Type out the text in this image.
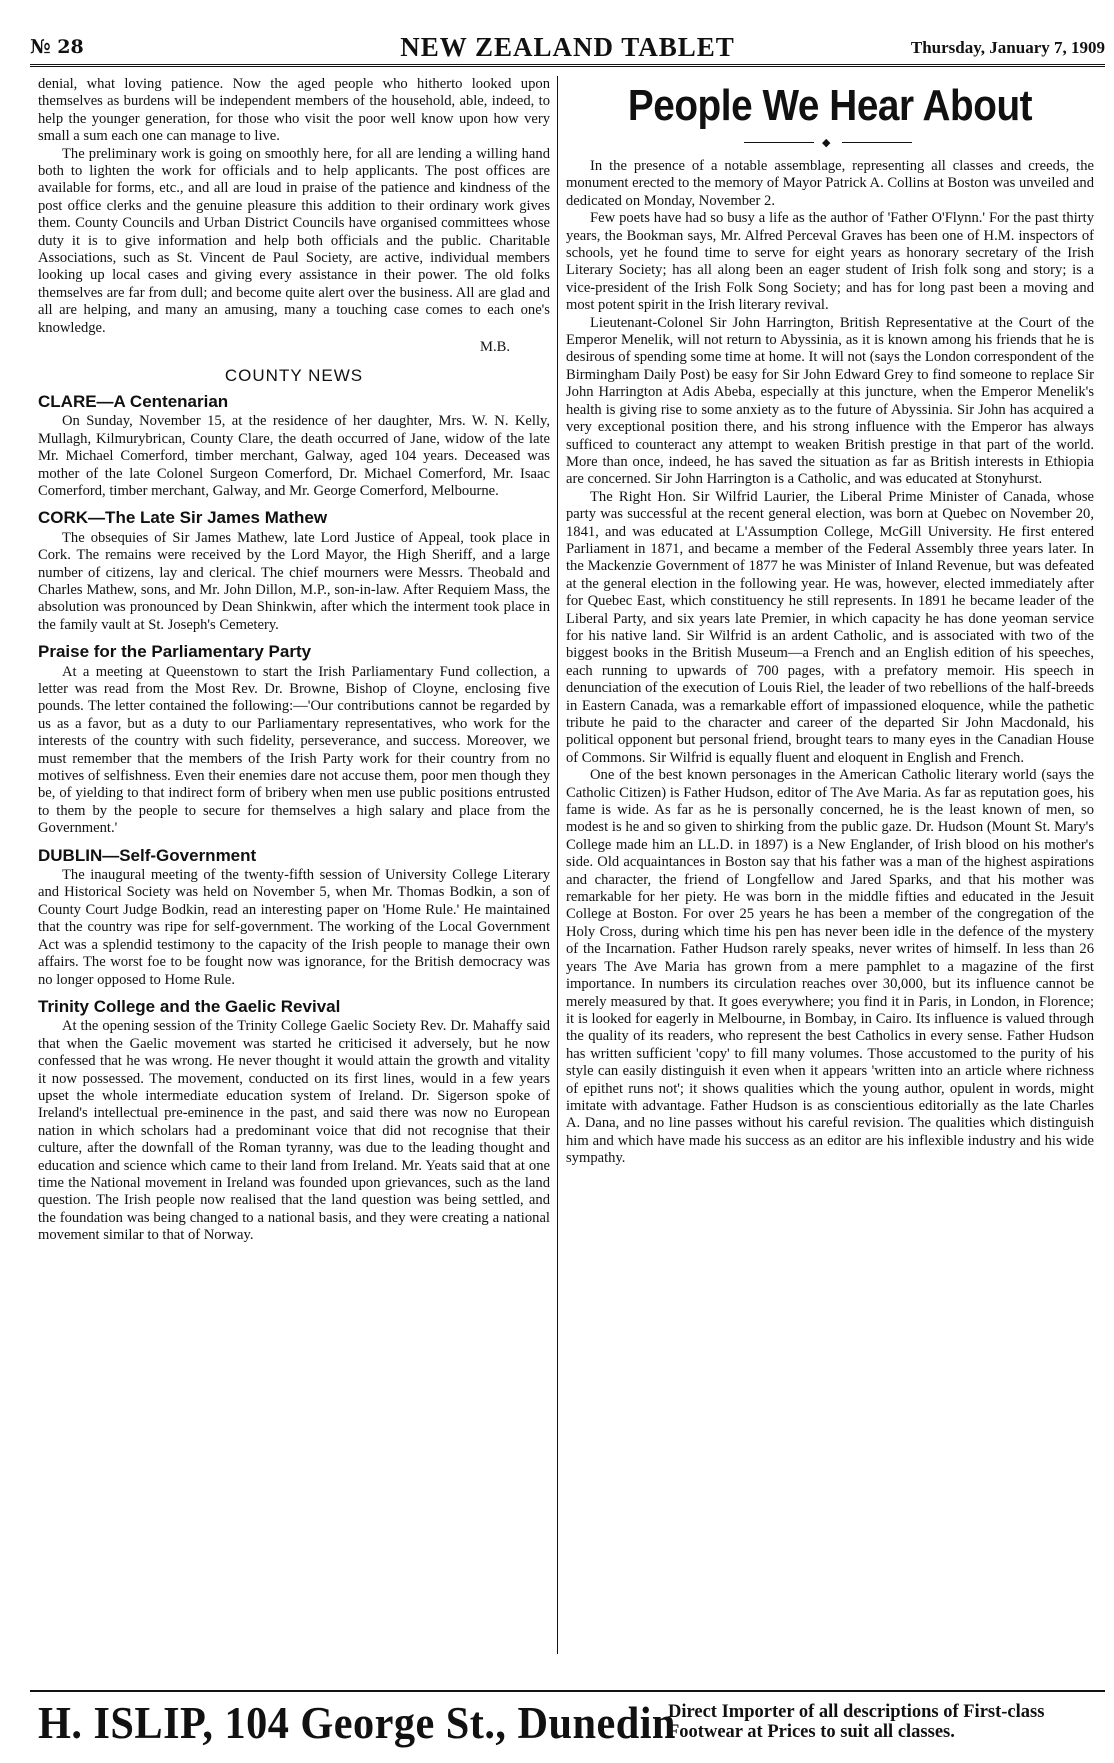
№ 28	NEW ZEALAND TABLET	Thursday, January 7, 1909

denial, what loving patience. Now the aged people who hitherto looked upon themselves as burdens will be independent members of the household, able, indeed, to help the younger generation, for those who visit the poor well know upon how very small a sum each one can manage to live.

The preliminary work is going on smoothly here, for all are lending a willing hand both to lighten the work for officials and to help applicants. The post offices are available for forms, etc., and all are loud in praise of the patience and kindness of the post office clerks and the genuine pleasure this addition to their ordinary work gives them. County Councils and Urban District Councils have organised committees whose duty it is to give information and help both officials and the public. Charitable Associations, such as St. Vincent de Paul Society, are active, individual members looking up local cases and giving every assistance in their power. The old folks themselves are far from dull; and become quite alert over the business. All are glad and all are helping, and many an amusing, many a touching case comes to each one's knowledge.

M.B.
COUNTY NEWS
CLARE—A Centenarian

On Sunday, November 15, at the residence of her daughter, Mrs. W. N. Kelly, Mullagh, Kilmurybrican, County Clare, the death occurred of Jane, widow of the late Mr. Michael Comerford, timber merchant, Galway, aged 104 years. Deceased was mother of the late Colonel Surgeon Comerford, Dr. Michael Comerford, Mr. Isaac Comerford, timber merchant, Galway, and Mr. George Comerford, Melbourne.

CORK—The Late Sir James Mathew

The obsequies of Sir James Mathew, late Lord Justice of Appeal, took place in Cork. The remains were received by the Lord Mayor, the High Sheriff, and a large number of citizens, lay and clerical. The chief mourners were Messrs. Theobald and Charles Mathew, sons, and Mr. John Dillon, M.P., son-in-law. After Requiem Mass, the absolution was pronounced by Dean Shinkwin, after which the interment took place in the family vault at St. Joseph's Cemetery.

Praise for the Parliamentary Party

At a meeting at Queenstown to start the Irish Parliamentary Fund collection, a letter was read from the Most Rev. Dr. Browne, Bishop of Cloyne, enclosing five pounds. The letter contained the following:—'Our contributions cannot be regarded by us as a favor, but as a duty to our Parliamentary representatives, who work for the interests of the country with such fidelity, perseverance, and success. Moreover, we must remember that the members of the Irish Party work for their country from no motives of selfishness. Even their enemies dare not accuse them, poor men though they be, of yielding to that indirect form of bribery when men use public positions entrusted to them by the people to secure for themselves a high salary and place from the Government.'

DUBLIN—Self-Government

The inaugural meeting of the twenty-fifth session of University College Literary and Historical Society was held on November 5, when Mr. Thomas Bodkin, a son of County Court Judge Bodkin, read an interesting paper on 'Home Rule.' He maintained that the country was ripe for self-government. The working of the Local Government Act was a splendid testimony to the capacity of the Irish people to manage their own affairs. The worst foe to be fought now was ignorance, for the British democracy was no longer opposed to Home Rule.

Trinity College and the Gaelic Revival

At the opening session of the Trinity College Gaelic Society Rev. Dr. Mahaffy said that when the Gaelic movement was started he criticised it adversely, but he now confessed that he was wrong. He never thought it would attain the growth and vitality it now possessed. The movement, conducted on its first lines, would in a few years upset the whole intermediate education system of Ireland. Dr. Sigerson spoke of Ireland's intellectual pre-eminence in the past, and said there was now no European nation in which scholars had a predominant voice that did not recognise that their culture, after the downfall of the Roman tyranny, was due to the leading thought and education and science which came to their land from Ireland. Mr. Yeats said that at one time the National movement in Ireland was founded upon grievances, such as the land question. The Irish people now realised that the land question was being settled, and the foundation was being changed to a national basis, and they were creating a national movement similar to that of Norway.

People We Hear About
◆

In the presence of a notable assemblage, representing all classes and creeds, the monument erected to the memory of Mayor Patrick A. Collins at Boston was unveiled and dedicated on Monday, November 2.

Few poets have had so busy a life as the author of 'Father O'Flynn.' For the past thirty years, the Bookman says, Mr. Alfred Perceval Graves has been one of H.M. inspectors of schools, yet he found time to serve for eight years as honorary secretary of the Irish Literary Society; has all along been an eager student of Irish folk song and story; is a vice-president of the Irish Folk Song Society; and has for long past been a moving and most potent spirit in the Irish literary revival.

Lieutenant-Colonel Sir John Harrington, British Representative at the Court of the Emperor Menelik, will not return to Abyssinia, as it is known among his friends that he is desirous of spending some time at home. It will not (says the London correspondent of the Birmingham Daily Post) be easy for Sir John Edward Grey to find someone to replace Sir John Harrington at Adis Abeba, especially at this juncture, when the Emperor Menelik's health is giving rise to some anxiety as to the future of Abyssinia. Sir John has acquired a very exceptional position there, and his strong influence with the Emperor has always sufficed to counteract any attempt to weaken British prestige in that part of the world. More than once, indeed, he has saved the situation as far as British interests in Ethiopia are concerned. Sir John Harrington is a Catholic, and was educated at Stonyhurst.

The Right Hon. Sir Wilfrid Laurier, the Liberal Prime Minister of Canada, whose party was successful at the recent general election, was born at Quebec on November 20, 1841, and was educated at L'Assumption College, McGill University. He first entered Parliament in 1871, and became a member of the Federal Assembly three years later. In the Mackenzie Government of 1877 he was Minister of Inland Revenue, but was defeated at the general election in the following year. He was, however, elected immediately after for Quebec East, which constituency he still represents. In 1891 he became leader of the Liberal Party, and six years late Premier, in which capacity he has done yeoman service for his native land. Sir Wilfrid is an ardent Catholic, and is associated with two of the biggest books in the British Museum—a French and an English edition of his speeches, each running to upwards of 700 pages, with a prefatory memoir. His speech in denunciation of the execution of Louis Riel, the leader of two rebellions of the half-breeds in Eastern Canada, was a remarkable effort of impassioned eloquence, while the pathetic tribute he paid to the character and career of the departed Sir John Macdonald, his political opponent but personal friend, brought tears to many eyes in the Canadian House of Commons. Sir Wilfrid is equally fluent and eloquent in English and French.

One of the best known personages in the American Catholic literary world (says the Catholic Citizen) is Father Hudson, editor of The Ave Maria. As far as reputation goes, his fame is wide. As far as he is personally concerned, he is the least known of men, so modest is he and so given to shirking from the public gaze. Dr. Hudson (Mount St. Mary's College made him an LL.D. in 1897) is a New Englander, of Irish blood on his mother's side. Old acquaintances in Boston say that his father was a man of the highest aspirations and character, the friend of Longfellow and Jared Sparks, and that his mother was remarkable for her piety. He was born in the middle fifties and educated in the Jesuit College at Boston. For over 25 years he has been a member of the congregation of the Holy Cross, during which time his pen has never been idle in the defence of the mystery of the Incarnation. Father Hudson rarely speaks, never writes of himself. In less than 26 years The Ave Maria has grown from a mere pamphlet to a magazine of the first importance. In numbers its circulation reaches over 30,000, but its influence cannot be merely measured by that. It goes everywhere; you find it in Paris, in London, in Florence; it is looked for eagerly in Melbourne, in Bombay, in Cairo. Its influence is valued through the quality of its readers, who represent the best Catholics in every sense. Father Hudson has written sufficient 'copy' to fill many volumes. Those accustomed to the purity of his style can easily distinguish it even when it appears 'written into an article where richness of epithet runs not'; it shows qualities which the young author, opulent in words, might imitate with advantage. Father Hudson is as conscientious editorially as the late Charles A. Dana, and no line passes without his careful revision. The qualities which distinguish him and which have made his success as an editor are his inflexible industry and his wide sympathy.

H. ISLIP, 104 George St., Dunedin
Direct Importer of all descriptions of First-class
Footwear at Prices to suit all classes.
